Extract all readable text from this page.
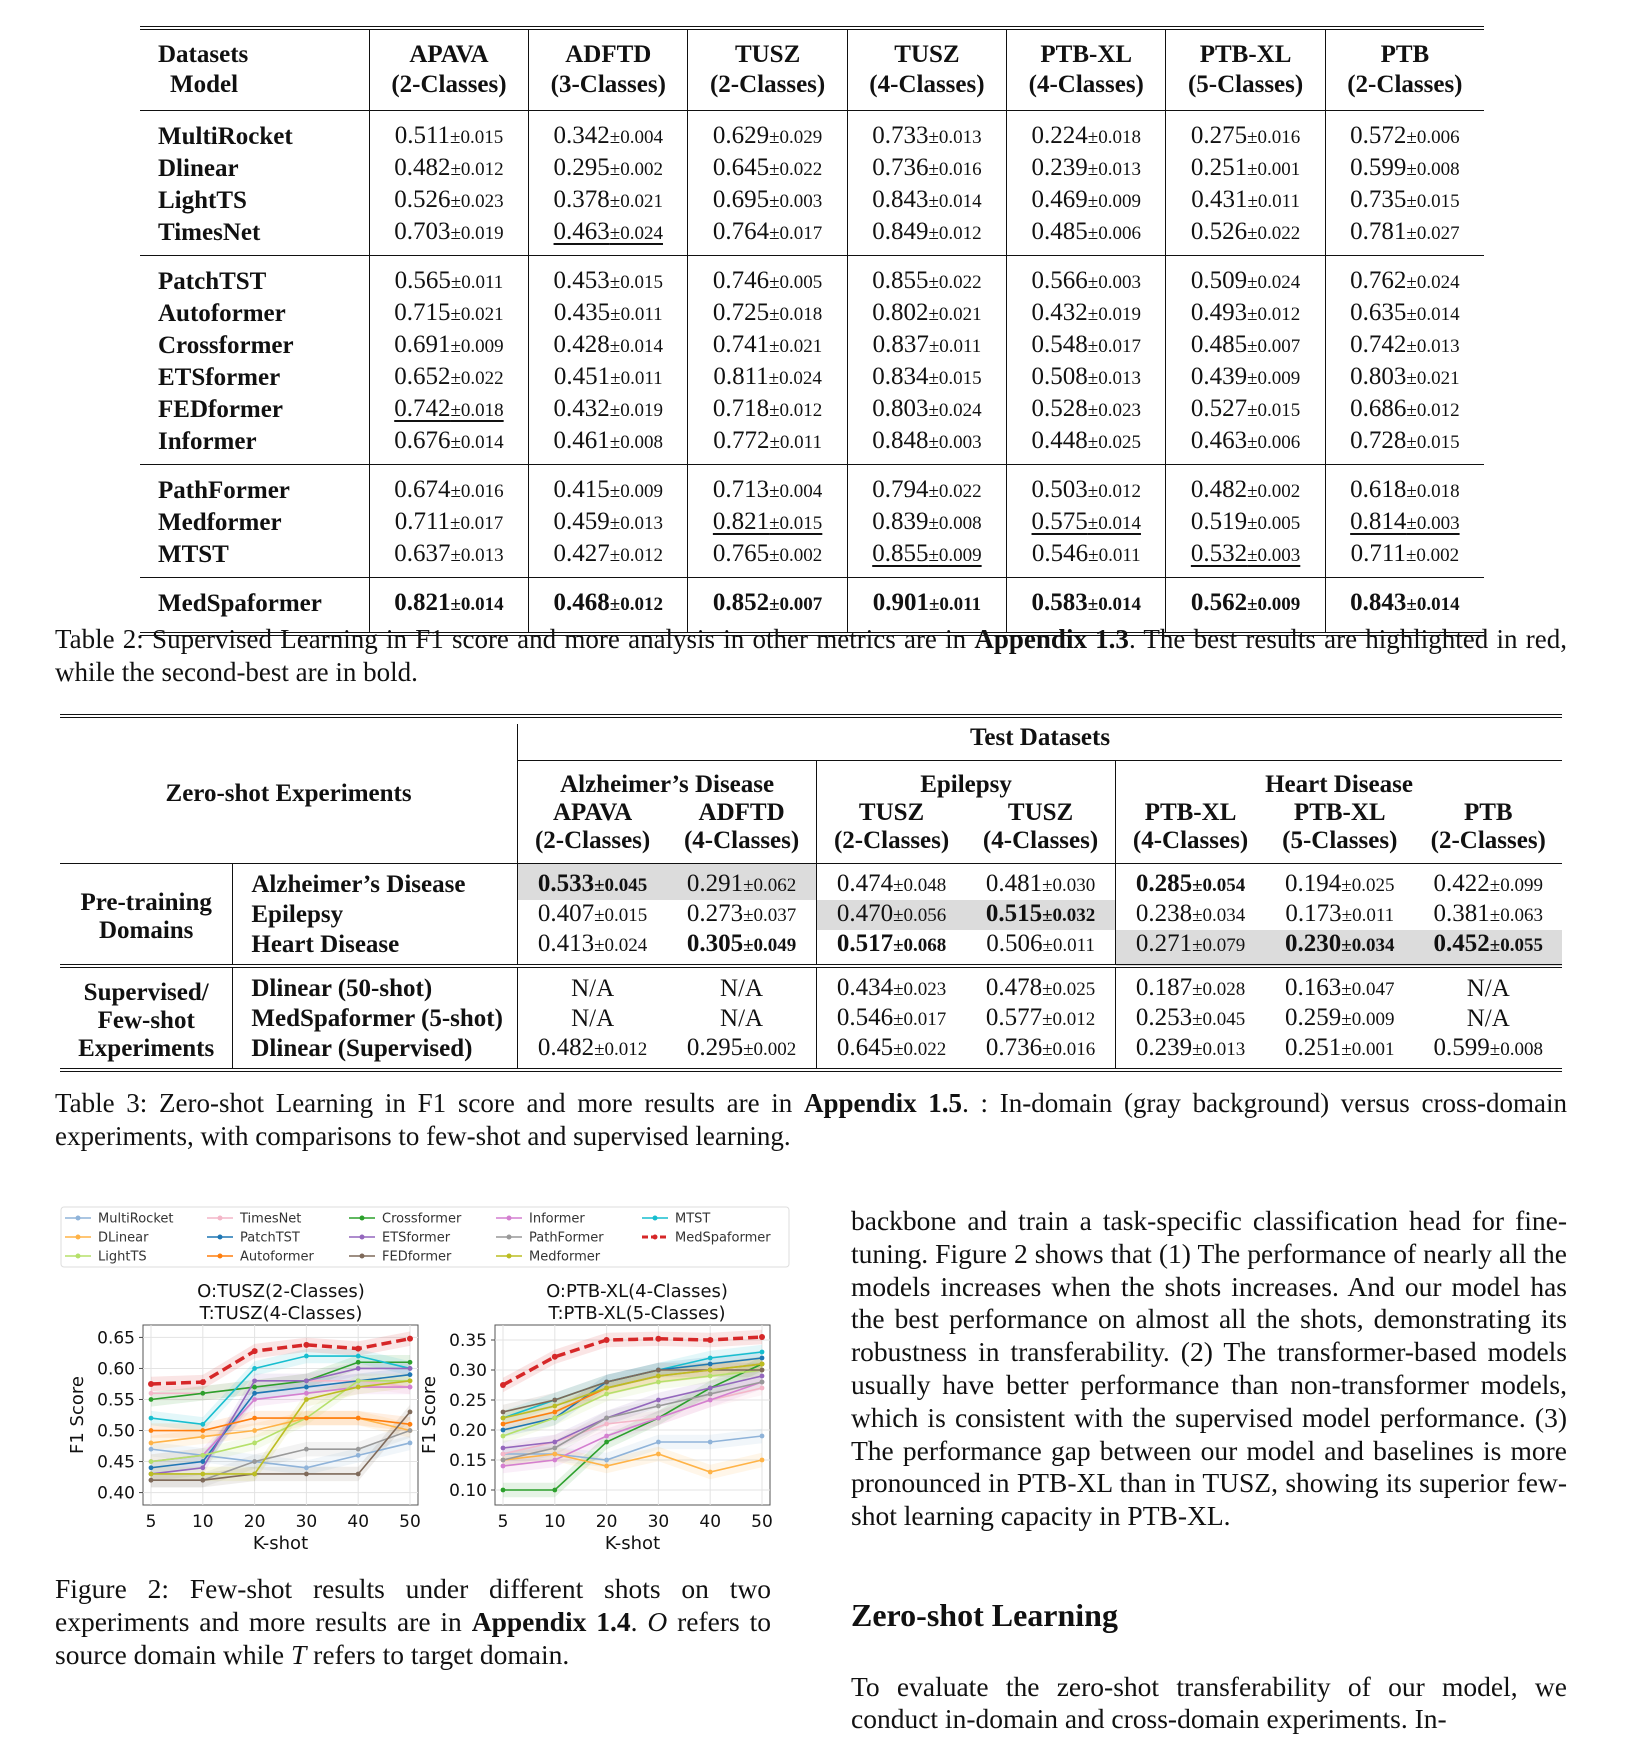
Datasets	APAVA	ADFTD	TUSZ	TUSZ	PTB-XL	PTB-XL	PTB
Model	(2-Classes)	(3-Classes)	(2-Classes)	(4-Classes)	(4-Classes)	(5-Classes)	(2-Classes)
MultiRocket	0.511±0.015	0.342±0.004	0.629±0.029	0.733±0.013	0.224±0.018	0.275±0.016	0.572±0.006
Dlinear	0.482±0.012	0.295±0.002	0.645±0.022	0.736±0.016	0.239±0.013	0.251±0.001	0.599±0.008
LightTS	0.526±0.023	0.378±0.021	0.695±0.003	0.843±0.014	0.469±0.009	0.431±0.011	0.735±0.015
TimesNet	0.703±0.019	0.463±0.024	0.764±0.017	0.849±0.012	0.485±0.006	0.526±0.022	0.781±0.027
PatchTST	0.565±0.011	0.453±0.015	0.746±0.005	0.855±0.022	0.566±0.003	0.509±0.024	0.762±0.024
Autoformer	0.715±0.021	0.435±0.011	0.725±0.018	0.802±0.021	0.432±0.019	0.493±0.012	0.635±0.014
Crossformer	0.691±0.009	0.428±0.014	0.741±0.021	0.837±0.011	0.548±0.017	0.485±0.007	0.742±0.013
ETSformer	0.652±0.022	0.451±0.011	0.811±0.024	0.834±0.015	0.508±0.013	0.439±0.009	0.803±0.021
FEDformer	0.742±0.018	0.432±0.019	0.718±0.012	0.803±0.024	0.528±0.023	0.527±0.015	0.686±0.012
Informer	0.676±0.014	0.461±0.008	0.772±0.011	0.848±0.003	0.448±0.025	0.463±0.006	0.728±0.015
PathFormer	0.674±0.016	0.415±0.009	0.713±0.004	0.794±0.022	0.503±0.012	0.482±0.002	0.618±0.018
Medformer	0.711±0.017	0.459±0.013	0.821±0.015	0.839±0.008	0.575±0.014	0.519±0.005	0.814±0.003
MTST	0.637±0.013	0.427±0.012	0.765±0.002	0.855±0.009	0.546±0.011	0.532±0.003	0.711±0.002
MedSpaformer	0.821±0.014	0.468±0.012	0.852±0.007	0.901±0.011	0.583±0.014	0.562±0.009	0.843±0.014
Table 2: Supervised Learning in F1 score and more analysis in other metrics are in Appendix 1.3. The best results are highlighted in red, while the second-best are in bold.
Zero-shot Experiments		Test Datasets						
		Alzheimer’s Disease		Epilepsy		Heart Disease		
		APAVA	ADFTD	TUSZ	TUSZ	PTB-XL	PTB-XL	PTB
		(2-Classes)	(4-Classes)	(2-Classes)	(4-Classes)	(4-Classes)	(5-Classes)	(2-Classes)

Pre-training
Domains	Alzheimer’s Disease	0.533±0.045	0.291±0.062	0.474±0.048	0.481±0.030	0.285±0.054	0.194±0.025	0.422±0.099
	Epilepsy	0.407±0.015	0.273±0.037	0.470±0.056	0.515±0.032	0.238±0.034	0.173±0.011	0.381±0.063
	Heart Disease	0.413±0.024	0.305±0.049	0.517±0.068	0.506±0.011	0.271±0.079	0.230±0.034	0.452±0.055

Supervised/
Few-shot
Experiments	Dlinear (50-shot)	N/A	N/A	0.434±0.023	0.478±0.025	0.187±0.028	0.163±0.047	N/A
	MedSpaformer (5-shot)	N/A	N/A	0.546±0.017	0.577±0.012	0.253±0.045	0.259±0.009	N/A
	Dlinear (Supervised)	0.482±0.012	0.295±0.002	0.645±0.022	0.736±0.016	0.239±0.013	0.251±0.001	0.599±0.008
Table 3: Zero-shot Learning in F1 score and more results are in Appendix 1.5. : In-domain (gray background) versus cross-domain experiments, with comparisons to few-shot and supervised learning.
MultiRocket	TimesNet	Crossformer	Informer	MTST
DLinear	PatchTST	ETSformer	PathFormer	MedSpaformer
LightTS	Autoformer	FEDformer	Medformer
O:TUSZ(2-Classes)
T:TUSZ(4-Classes)
0.40
0.45
0.50
0.55
0.60
0.65
5 10 20 30 40 50
K-shot
F1 Score
O:PTB-XL(4-Classes)
T:PTB-XL(5-Classes)
0.10
0.15
0.20
0.25
0.30
0.35
5 10 20 30 40 50
K-shot
F1 Score
Figure 2: Few-shot results under different shots on two experiments and more results are in Appendix 1.4. O refers to source domain while T refers to target domain.

backbone and train a task-specific classification head for fine-tuning. Figure 2 shows that (1) The performance of nearly all the models increases when the shots increases. And our model has the best performance on almost all the shots, demonstrating its robustness in transferability. (2) The transformer-based models usually have better performance than non-transformer models, which is consistent with the supervised model performance. (3) The performance gap between our model and baselines is more pronounced in PTB-XL than in TUSZ, showing its superior few-shot learning capacity in PTB-XL.

Zero-shot Learning

To evaluate the zero-shot transferability of our model, we conduct in-domain and cross-domain experiments. In-
